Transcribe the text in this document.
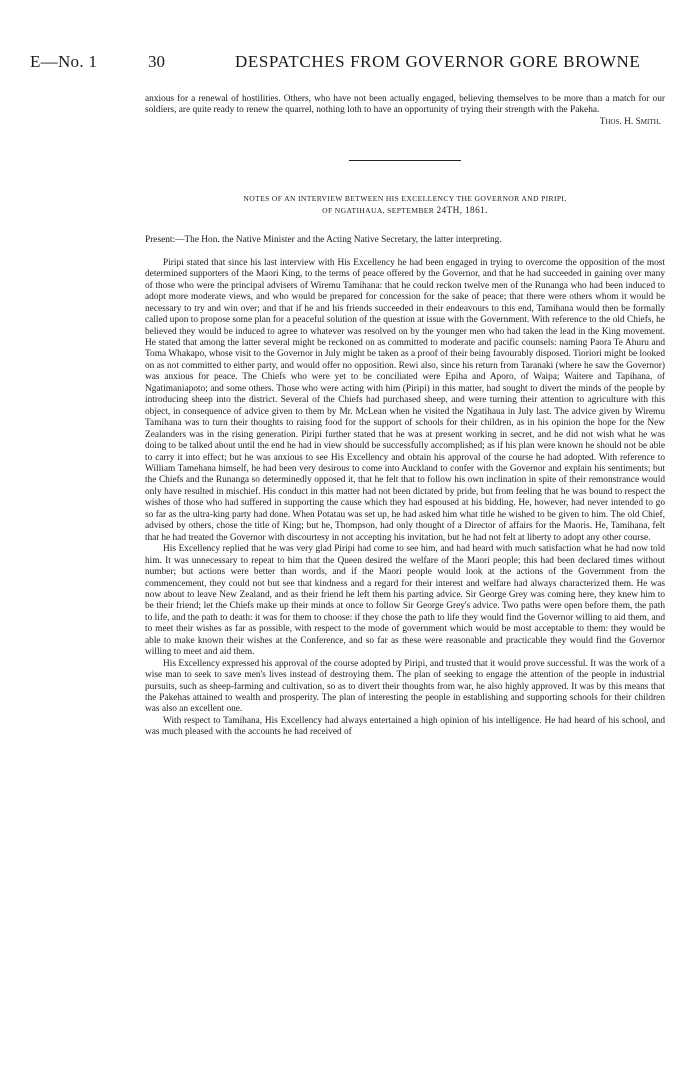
E—No. 1	30	DESPATCHES FROM GOVERNOR GORE BROWNE

anxious for a renewal of hostilities. Others, who have not been actually engaged, believing themselves to be more than a match for our soldiers, are quite ready to renew the quarrel, nothing loth to have an opportunity of trying their strength with the Pakeha.

Thos. H. Smith.
NOTES OF AN INTERVIEW BETWEEN HIS EXCELLENCY THE GOVERNOR AND PIRIPI,
OF NGATIHAUA, SEPTEMBER 24TH, 1861.

Present:—The Hon. the Native Minister and the Acting Native Secretary, the latter interpreting.

Piripi stated that since his last interview with His Excellency he had been engaged in trying to overcome the opposition of the most determined supporters of the Maori King, to the terms of peace offered by the Governor, and that he had succeeded in gaining over many of those who were the principal advisers of Wiremu Tamihana: that he could reckon twelve men of the Runanga who had been induced to adopt more moderate views, and who would be prepared for concession for the sake of peace; that there were others whom it would be necessary to try and win over; and that if he and his friends succeeded in their endeavours to this end, Tamihana would then be formally called upon to propose some plan for a peaceful solution of the question at issue with the Government. With reference to the old Chiefs, he believed they would be induced to agree to whatever was resolved on by the younger men who had taken the lead in the King movement. He stated that among the latter several might be reckoned on as committed to moderate and pacific counsels: naming Paora Te Ahuru and Toma Whakapo, whose visit to the Governor in July might be taken as a proof of their being favourably disposed. Tioriori might be looked on as not committed to either party, and would offer no opposition. Rewi also, since his return from Taranaki (where he saw the Governor) was anxious for peace. The Chiefs who were yet to be conciliated were Epiha and Aporo, of Waipa; Waitere and Tapihana, of Ngatimaniapoto; and some others. Those who were acting with him (Piripi) in this matter, had sought to divert the minds of the people by introducing sheep into the district. Several of the Chiefs had purchased sheep, and were turning their attention to agriculture with this object, in consequence of advice given to them by Mr. McLean when he visited the Ngatihaua in July last. The advice given by Wiremu Tamihana was to turn their thoughts to raising food for the support of schools for their children, as in his opinion the hope for the New Zealanders was in the rising generation. Piripi further stated that he was at present working in secret, and he did not wish what he was doing to be talked about until the end he had in view should be successfully accomplished; as if his plan were known he should not be able to carry it into effect; but he was anxious to see His Excellency and obtain his approval of the course he had adopted. With reference to William Tamehana himself, he had been very desirous to come into Auckland to confer with the Governor and explain his sentiments; but the Chiefs and the Runanga so determinedly opposed it, that he felt that to follow his own inclination in spite of their remonstrance would only have resulted in mischief. His conduct in this matter had not been dictated by pride, but from feeling that he was bound to respect the wishes of those who had suffered in supporting the cause which they had espoused at his bidding. He, however, had never intended to go so far as the ultra-king party had done. When Potatau was set up, he had asked him what title he wished to be given to him. The old Chief, advised by others, chose the title of King; but he, Thompson, had only thought of a Director of affairs for the Maoris. He, Tamihana, felt that he had treated the Governor with discourtesy in not accepting his invitation, but he had not felt at liberty to adopt any other course.

His Excellency replied that he was very glad Piripi had come to see him, and had heard with much satisfaction what he had now told him. It was unnecessary to repeat to him that the Queen desired the welfare of the Maori people; this had been declared times without number; but actions were better than words, and if the Maori people would look at the actions of the Government from the commencement, they could not but see that kindness and a regard for their interest and welfare had always characterized them. He was now about to leave New Zealand, and as their friend he left them his parting advice. Sir George Grey was coming here, they knew him to be their friend; let the Chiefs make up their minds at once to follow Sir George Grey's advice. Two paths were open before them, the path to life, and the path to death: it was for them to choose: if they chose the path to life they would find the Governor willing to aid them, and to meet their wishes as far as possible, with respect to the mode of government which would be most acceptable to them: they would be able to make known their wishes at the Conference, and so far as these were reasonable and practicable they would find the Governor willing to meet and aid them.

His Excellency expressed his approval of the course adopted by Piripi, and trusted that it would prove successful. It was the work of a wise man to seek to save men's lives instead of destroying them. The plan of seeking to engage the attention of the people in industrial pursuits, such as sheep-farming and cultivation, so as to divert their thoughts from war, he also highly approved. It was by this means that the Pakehas attained to wealth and prosperity. The plan of interesting the people in establishing and supporting schools for their children was also an excellent one.

With respect to Tamihana, His Excellency had always entertained a high opinion of his intelligence. He had heard of his school, and was much pleased with the accounts he had received of
